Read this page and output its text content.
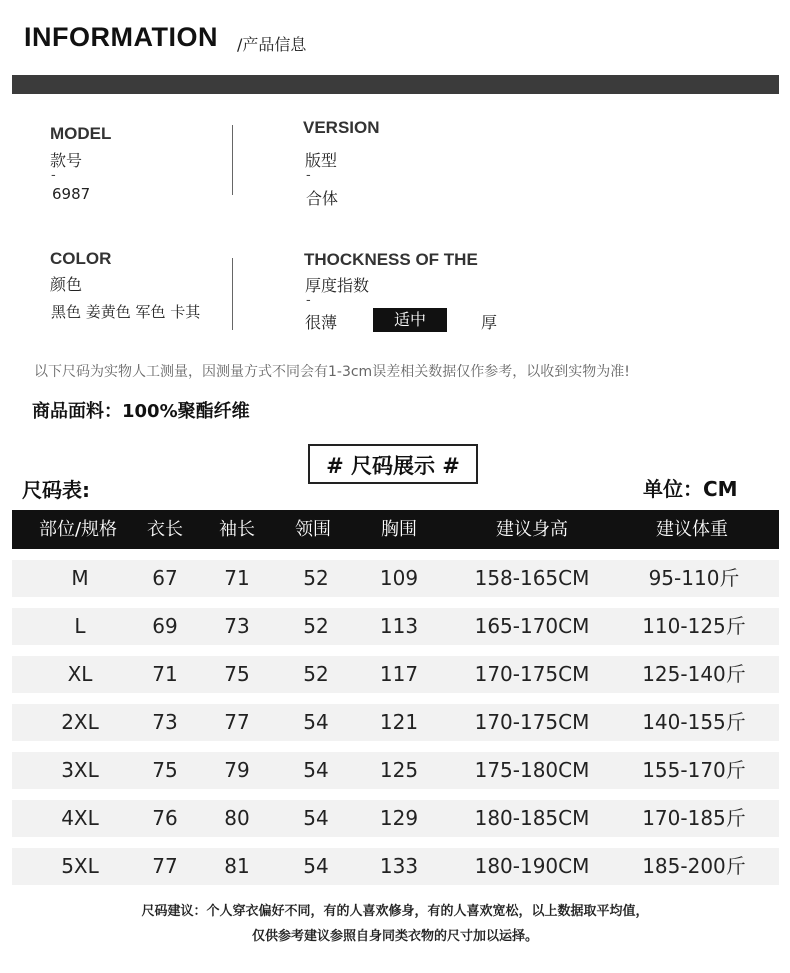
INFORMATION /产品信息
MODEL
款号
-
6987
VERSION
版型
-
合体
COLOR
颜色
黑色 姜黄色 军色 卡其
THOCKNESS OF THE
厚度指数
-
很薄	适中	厚
以下尺码为实物人工测量，因测量方式不同会有1-3cm误差相关数据仅作参考，以收到实物为准!
商品面料：100%聚酯纤维
# 尺码展示 #
尺码表:	单位：CM
部位/规格	衣长	袖长	领围	胸围	建议身高	建议体重
M	67	71	52	109	158-165CM	95-110斤
L	69	73	52	113	165-170CM	110-125斤
XL	71	75	52	117	170-175CM	125-140斤
2XL	73	77	54	121	170-175CM	140-155斤
3XL	75	79	54	125	175-180CM	155-170斤
4XL	76	80	54	129	180-185CM	170-185斤
5XL	77	81	54	133	180-190CM	185-200斤
尺码建议：个人穿衣偏好不同，有的人喜欢修身，有的人喜欢宽松，以上数据取平均值，
仅供参考建议参照自身同类衣物的尺寸加以运择。
